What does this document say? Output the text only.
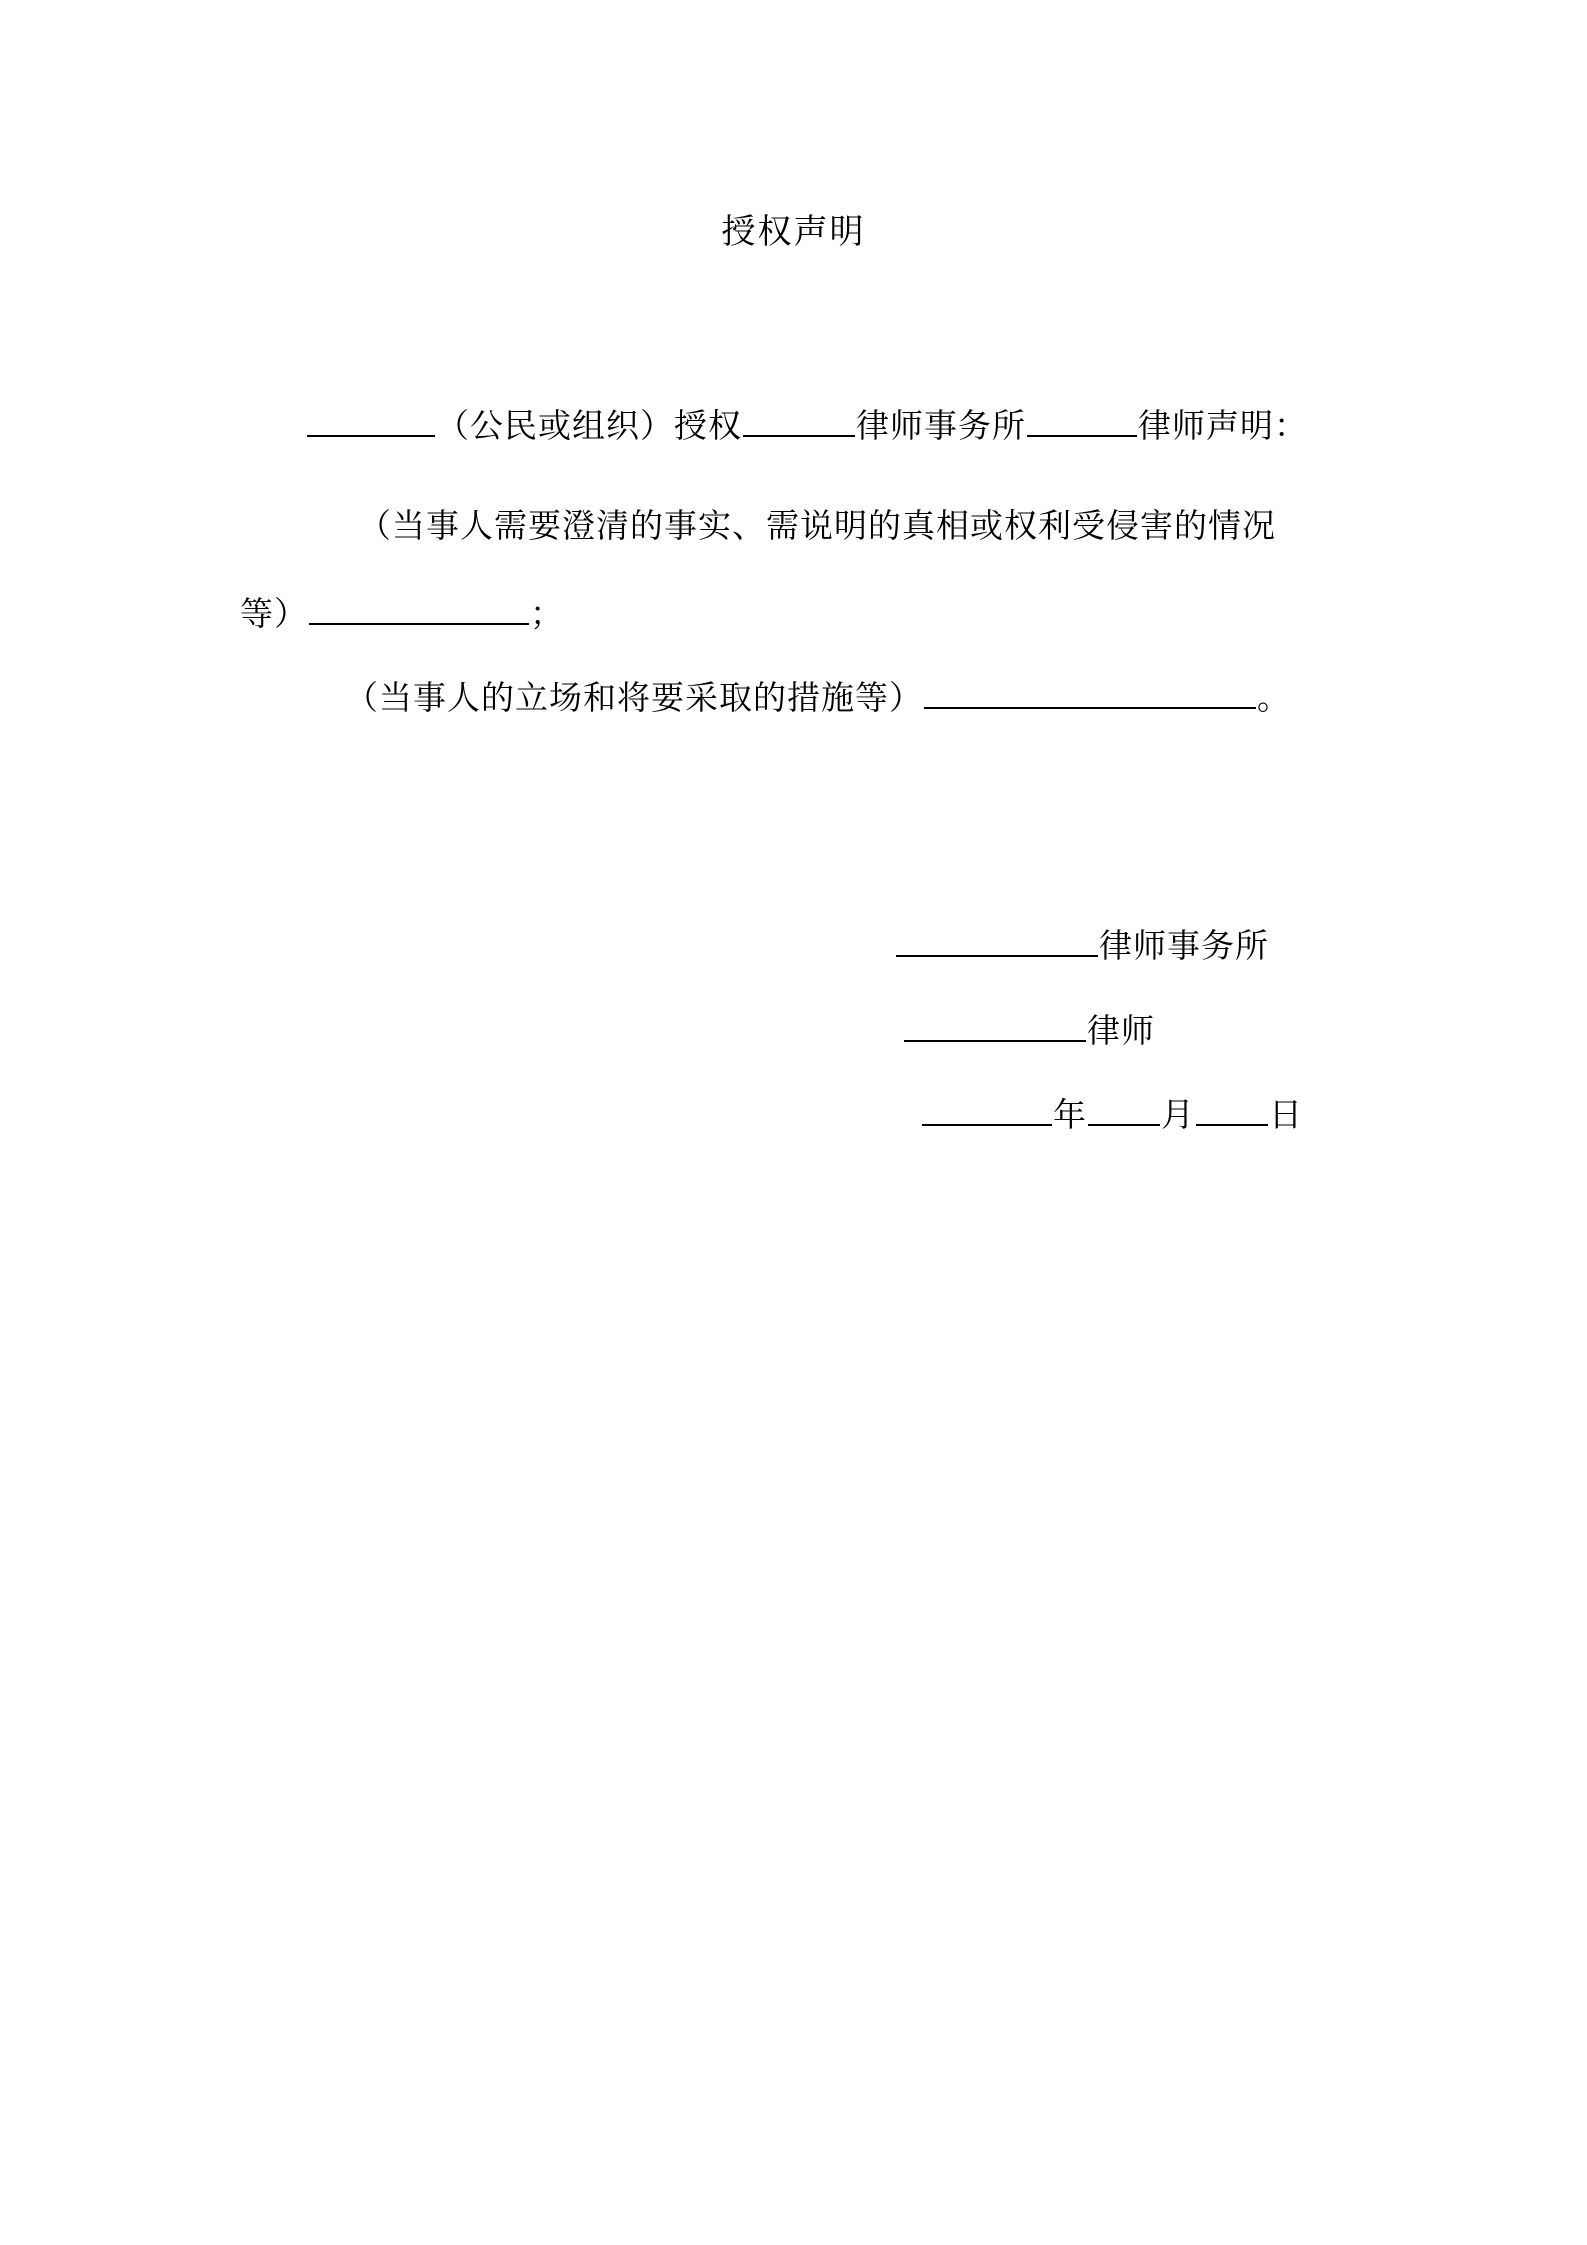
授权声明
（公民或组织）授权	律师事务所	律师声明：
（当事人需要澄清的事实、需说明的真相或权利受侵害的情况
等）	；
（当事人的立场和将要采取的措施等）	。
律师事务所
律师
年 月 日
